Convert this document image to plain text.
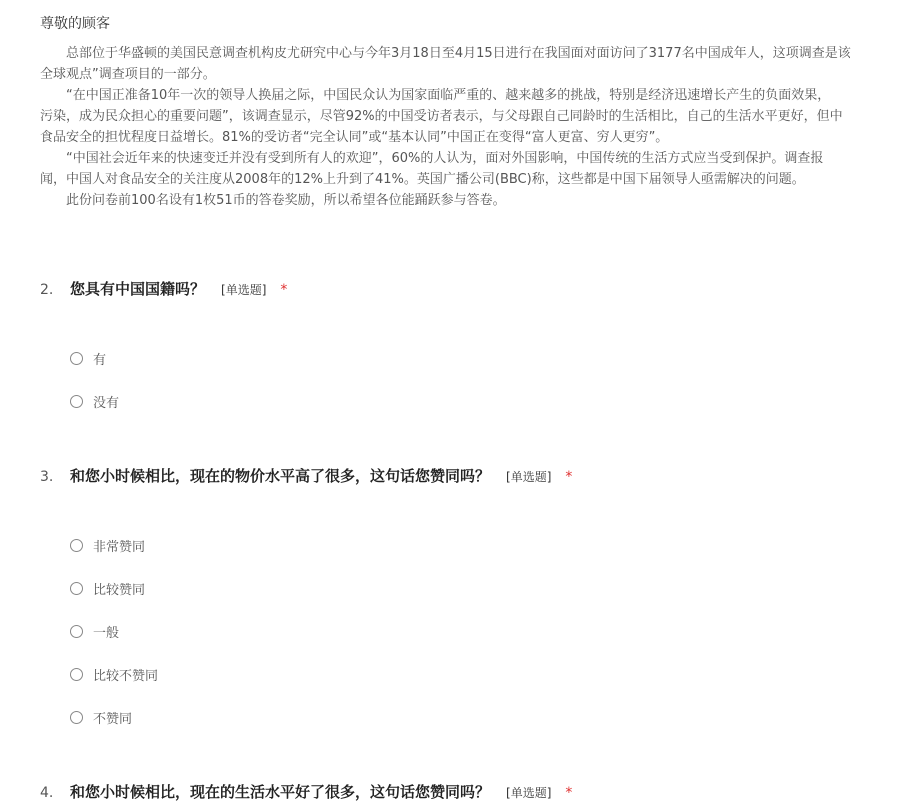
尊敬的顾客

总部位于华盛顿的美国民意调查机构皮尤研究中心与今年3月18日至4月15日进行在我国面对面访问了3177名中国成年人，这项调查是该

全球观点”调查项目的一部分。

“在中国正准备10年一次的领导人换届之际，中国民众认为国家面临严重的、越来越多的挑战，特别是经济迅速增长产生的负面效果，

污染，成为民众担心的重要问题”，该调查显示，尽管92%的中国受访者表示，与父母跟自己同龄时的生活相比，自己的生活水平更好，但中

食品安全的担忧程度日益增长。81%的受访者“完全认同”或“基本认同”中国正在变得“富人更富、穷人更穷”。

“中国社会近年来的快速变迁并没有受到所有人的欢迎”，60%的人认为，面对外国影响，中国传统的生活方式应当受到保护。调查报

闻，中国人对食品安全的关注度从2008年的12%上升到了41%。英国广播公司(BBC)称，这些都是中国下届领导人亟需解决的问题。

此份问卷前100名设有1枚51币的答卷奖励，所以希望各位能踊跃参与答卷。

2.	您具有中国国籍吗？ [单选题] *
有
没有
3.	和您小时候相比，现在的物价水平高了很多，这句话您赞同吗？ [单选题] *
非常赞同
比较赞同
一般
比较不赞同
不赞同
4.	和您小时候相比，现在的生活水平好了很多，这句话您赞同吗？ [单选题] *
